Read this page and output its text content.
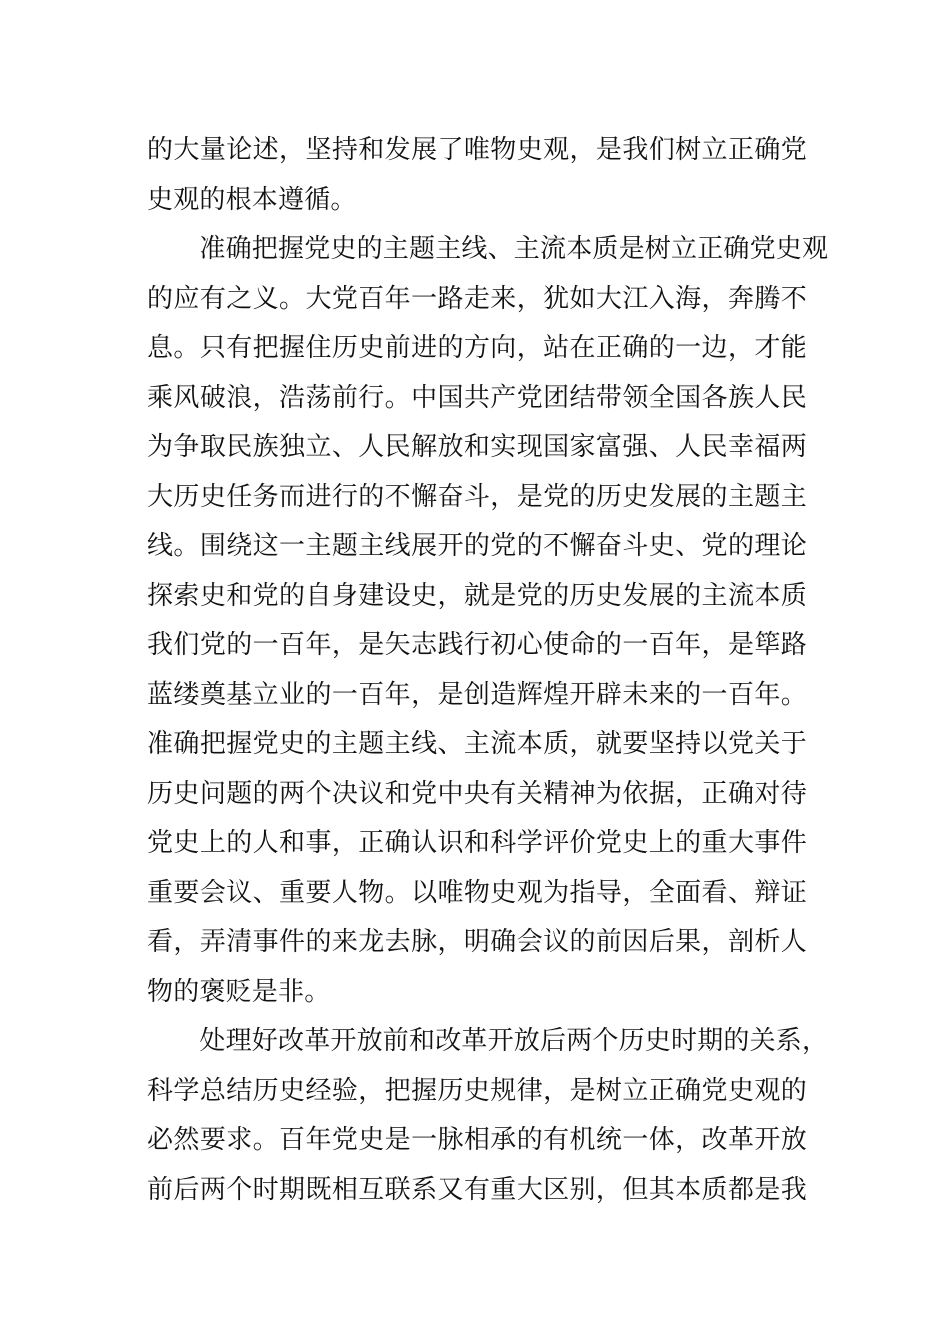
的大量论述，坚持和发展了唯物史观，是我们树立正确党
史观的根本遵循。
　　准确把握党史的主题主线、主流本质是树立正确党史观
的应有之义。大党百年一路走来，犹如大江入海，奔腾不
息。只有把握住历史前进的方向，站在正确的一边，才能
乘风破浪，浩荡前行。中国共产党团结带领全国各族人民
为争取民族独立、人民解放和实现国家富强、人民幸福两
大历史任务而进行的不懈奋斗，是党的历史发展的主题主
线。围绕这一主题主线展开的党的不懈奋斗史、党的理论
探索史和党的自身建设史，就是党的历史发展的主流本质
我们党的一百年，是矢志践行初心使命的一百年，是筚路
蓝缕奠基立业的一百年，是创造辉煌开辟未来的一百年。
准确把握党史的主题主线、主流本质，就要坚持以党关于
历史问题的两个决议和党中央有关精神为依据，正确对待
党史上的人和事，正确认识和科学评价党史上的重大事件
重要会议、重要人物。以唯物史观为指导，全面看、辩证
看，弄清事件的来龙去脉，明确会议的前因后果，剖析人
物的褒贬是非。
　　处理好改革开放前和改革开放后两个历史时期的关系，
科学总结历史经验，把握历史规律，是树立正确党史观的
必然要求。百年党史是一脉相承的有机统一体，改革开放
前后两个时期既相互联系又有重大区别，但其本质都是我
